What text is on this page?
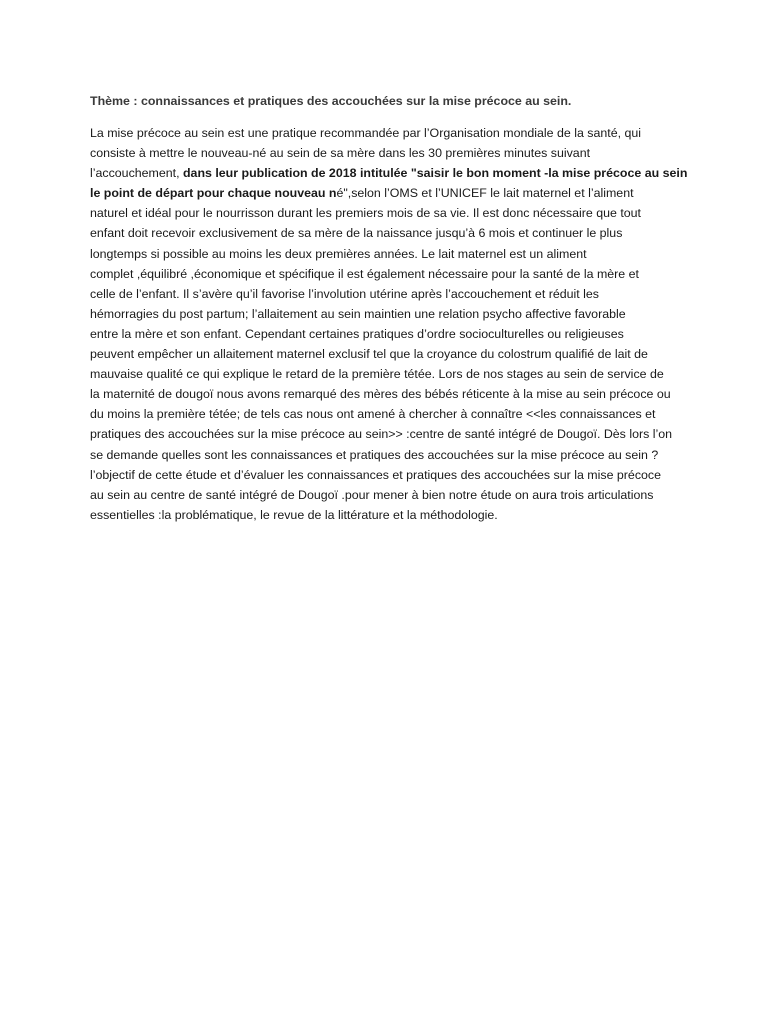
Thème : connaissances et pratiques des accouchées sur la mise précoce au sein.

La mise précoce au sein est une pratique recommandée par l’Organisation mondiale de la santé, qui
consiste à mettre le nouveau-né au sein de sa mère dans les 30 premières minutes suivant
l’accouchement, dans leur publication de 2018 intitulée "saisir le bon moment -la mise précoce au sein
le point de départ pour chaque nouveau né",selon l’OMS et l’UNICEF le lait maternel et l’aliment
naturel et idéal pour le nourrisson durant les premiers mois de sa vie. Il est donc nécessaire que tout
enfant doit recevoir exclusivement de sa mère de la naissance jusqu’à 6 mois et continuer le plus
longtemps si possible au moins les deux premières années. Le lait maternel est un aliment
complet ,équilibré ,économique et spécifique il est également nécessaire pour la santé de la mère et
celle de l’enfant. Il s’avère qu’il favorise l’involution utérine après l’accouchement et réduit les
hémorragies du post partum; l’allaitement au sein maintien une relation psycho affective favorable
entre la mère et son enfant. Cependant certaines pratiques d’ordre socioculturelles ou religieuses
peuvent empêcher un allaitement maternel exclusif tel que la croyance du colostrum qualifié de lait de
mauvaise qualité ce qui explique le retard de la première tétée. Lors de nos stages au sein de service de
la maternité de dougoï nous avons remarqué des mères des bébés réticente à la mise au sein précoce ou
du moins la première tétée; de tels cas nous ont amené à chercher à connaître <<les connaissances et
pratiques des accouchées sur la mise précoce au sein>> :centre de santé intégré de Dougoï. Dès lors l’on
se demande quelles sont les connaissances et pratiques des accouchées sur la mise précoce au sein ?
l’objectif de cette étude et d’évaluer les connaissances et pratiques des accouchées sur la mise précoce
au sein au centre de santé intégré de Dougoï .pour mener à bien notre étude on aura trois articulations
essentielles :la problématique, le revue de la littérature et la méthodologie.
